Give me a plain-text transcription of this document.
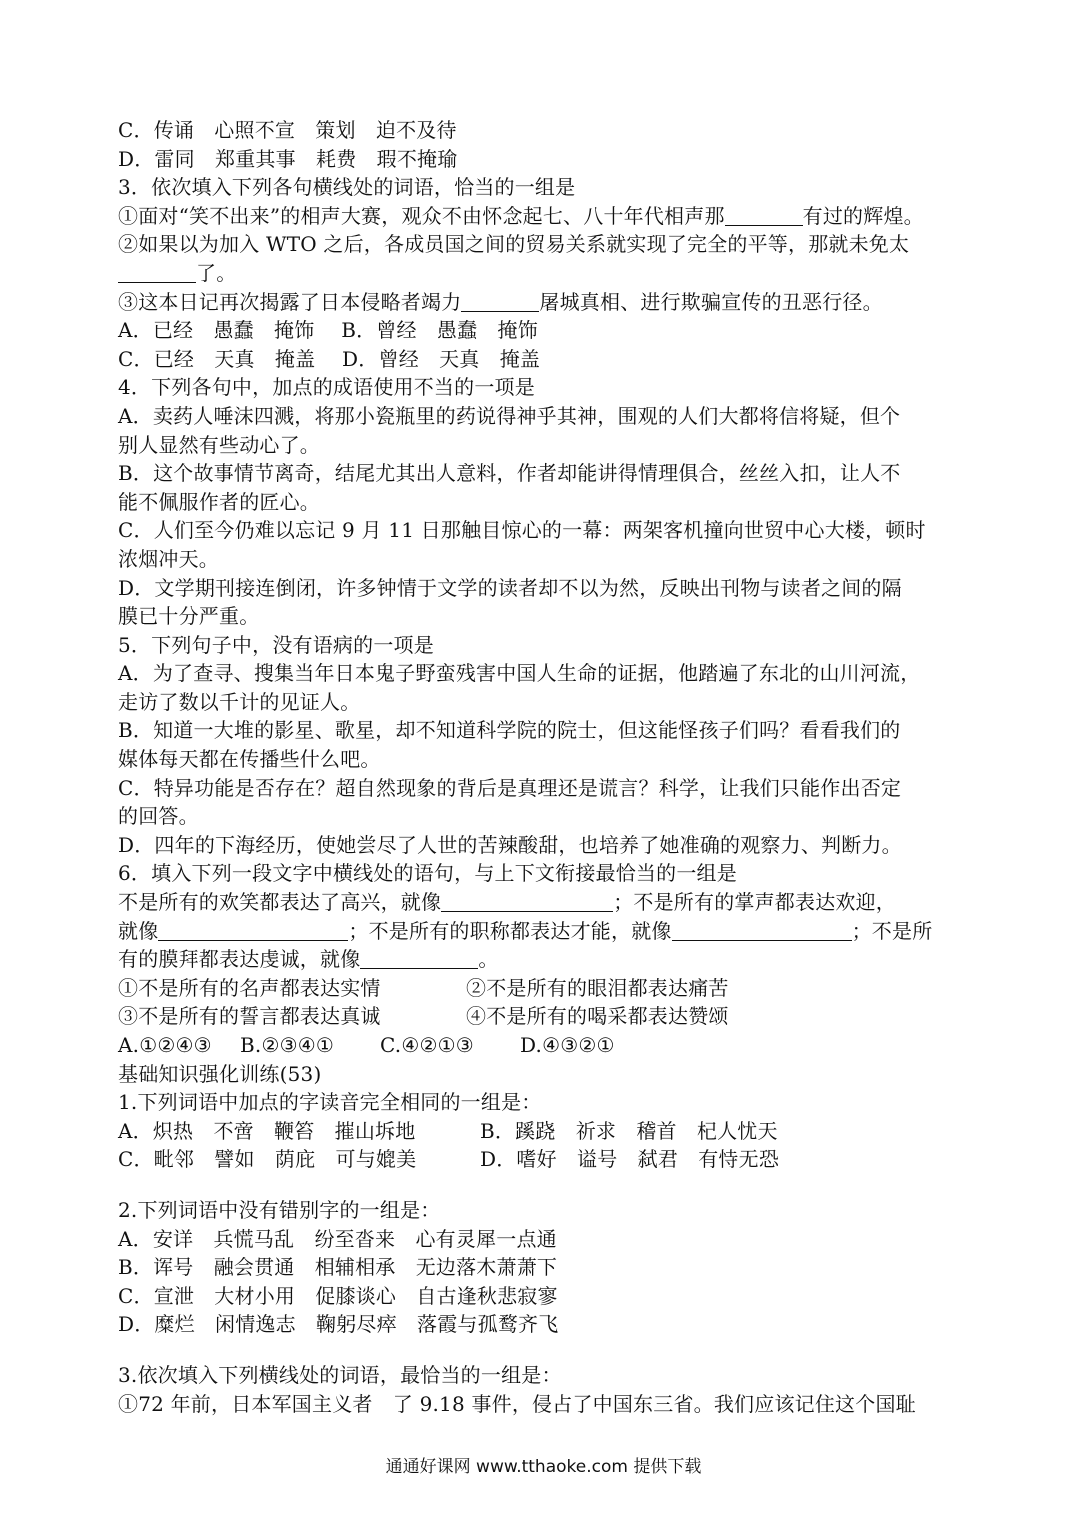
C．传诵　心照不宣　策划　迫不及待
D．雷同　郑重其事　耗费　瑕不掩瑜
3．依次填入下列各句横线处的词语，恰当的一组是
①面对“笑不出来”的相声大赛，观众不由怀念起七、八十年代相声那	有过的辉煌。
②如果以为加入 WTO 之后，各成员国之间的贸易关系就实现了完全的平等，那就未免太
了。
③这本日记再次揭露了日本侵略者竭力	屠城真相、进行欺骗宣传的丑恶行径。
A．已经　愚蠢　掩饰　 B．曾经　愚蠢　掩饰
C．已经　天真　掩盖　 D．曾经　天真　掩盖
4．下列各句中，加点的成语使用不当的一项是
A．卖药人唾沫四溅，将那小瓷瓶里的药说得神乎其神，围观的人们大都将信将疑，但个
别人显然有些动心了。
B．这个故事情节离奇，结尾尤其出人意料，作者却能讲得情理俱合，丝丝入扣，让人不
能不佩服作者的匠心。
C．人们至今仍难以忘记 9 月 11 日那触目惊心的一幕：两架客机撞向世贸中心大楼，顿时
浓烟冲天。
D．文学期刊接连倒闭，许多钟情于文学的读者却不以为然，反映出刊物与读者之间的隔
膜已十分严重。
5．下列句子中，没有语病的一项是
A．为了查寻、搜集当年日本鬼子野蛮残害中国人生命的证据，他踏遍了东北的山川河流，
走访了数以千计的见证人。
B．知道一大堆的影星、歌星，却不知道科学院的院士，但这能怪孩子们吗？看看我们的
媒体每天都在传播些什么吧。
C．特异功能是否存在？超自然现象的背后是真理还是谎言？科学，让我们只能作出否定
的回答。
D．四年的下海经历，使她尝尽了人世的苦辣酸甜，也培养了她准确的观察力、判断力。
6．填入下列一段文字中横线处的语句，与上下文衔接最恰当的一组是
不是所有的欢笑都表达了高兴，就像	；不是所有的掌声都表达欢迎，
就像	；不是所有的职称都表达才能，就像	；不是所
有的膜拜都表达虔诚，就像	。
①不是所有的名声都表达实情	②不是所有的眼泪都表达痛苦
③不是所有的誓言都表达真诚	④不是所有的喝采都表达赞颂
A.①②④③ B.②③④① C.④②①③ D.④③②①
基础知识强化训练(53)
1.下列词语中加点的字读音完全相同的一组是：
A．炽热　不啻　鞭笞　摧山坼地	B．蹊跷　祈求　稽首　杞人忧天
C．毗邻　譬如　荫庇　可与媲美	D．嗜好　谥号　弑君　有恃无恐
2.下列词语中没有错别字的一组是：
A．安详　兵慌马乱　纷至沓来　心有灵犀一点通
B．诨号　融会贯通　相辅相承　无边落木萧萧下
C．宣泄　大材小用　促膝谈心　自古逢秋悲寂寥
D．糜烂　闲情逸志　鞠躬尽瘁　落霞与孤鹜齐飞
3.依次填入下列横线处的词语，最恰当的一组是：
①72 年前，日本军国主义者　了 9.18 事件，侵占了中国东三省。我们应该记住这个国耻
通通好课网 www.tthaoke.com 提供下载
